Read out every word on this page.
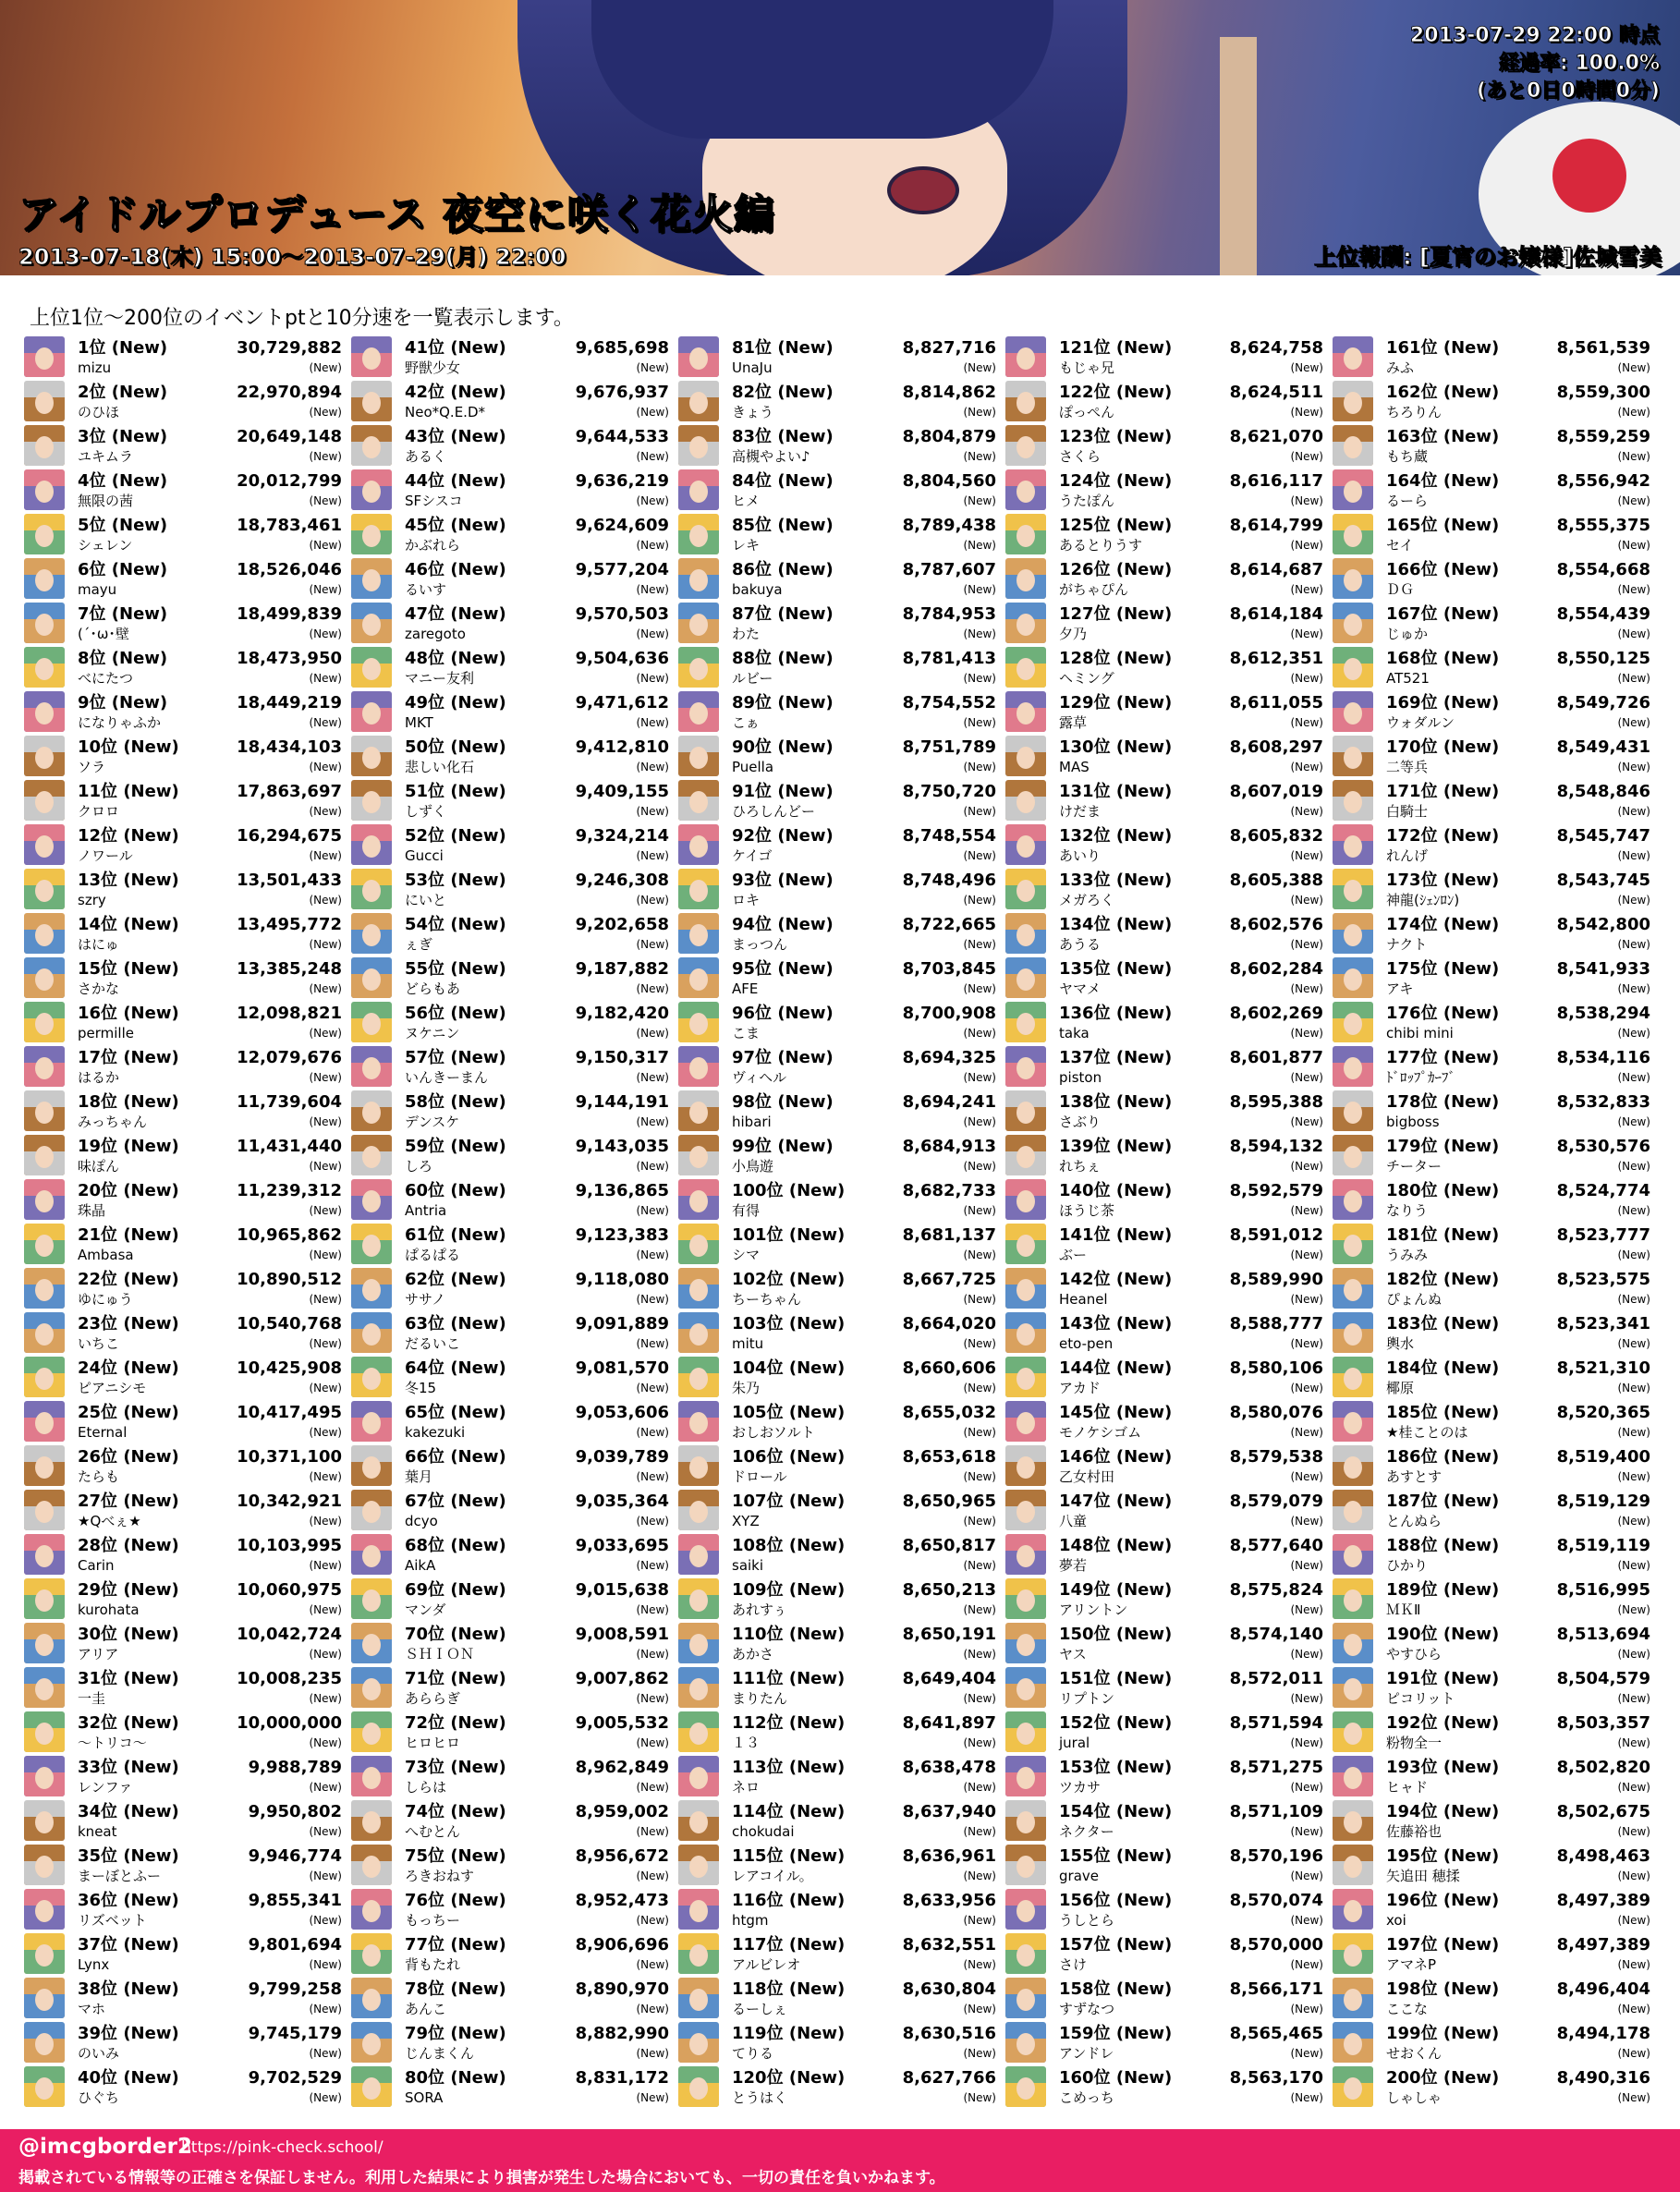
2013-07-29 22:00 時点
経過率: 100.0%
(あと0日0時間0分)
アイドルプロデュース 夜空に咲く花火編
2013-07-18(木) 15:00～2013-07-29(月) 22:00	上位報酬: [夏宵のお嬢様]佐城雪美
上位1位～200位のイベントptと10分速を一覧表示します。
1位 (New)
mizu
30,729,882
(New)
2位 (New)
のひほ
22,970,894
(New)
3位 (New)
ユキムラ
20,649,148
(New)
4位 (New)
無限の茜
20,012,799
(New)
5位 (New)
シェレン
18,783,461
(New)
6位 (New)
mayu
18,526,046
(New)
7位 (New)
(´･ω･壁
18,499,839
(New)
8位 (New)
べにたつ
18,473,950
(New)
9位 (New)
になりゃふか
18,449,219
(New)
10位 (New)
ソラ
18,434,103
(New)
11位 (New)
クロロ
17,863,697
(New)
12位 (New)
ノワール
16,294,675
(New)
13位 (New)
szry
13,501,433
(New)
14位 (New)
はにゅ
13,495,772
(New)
15位 (New)
さかな
13,385,248
(New)
16位 (New)
permille
12,098,821
(New)
17位 (New)
はるか
12,079,676
(New)
18位 (New)
みっちゃん
11,739,604
(New)
19位 (New)
味ぽん
11,431,440
(New)
20位 (New)
珠晶
11,239,312
(New)
21位 (New)
Ambasa
10,965,862
(New)
22位 (New)
ゆにゅう
10,890,512
(New)
23位 (New)
いちこ
10,540,768
(New)
24位 (New)
ピアニシモ
10,425,908
(New)
25位 (New)
Eternal
10,417,495
(New)
26位 (New)
たらも
10,371,100
(New)
27位 (New)
★Qべぇ★
10,342,921
(New)
28位 (New)
Carin
10,103,995
(New)
29位 (New)
kurohata
10,060,975
(New)
30位 (New)
アリア
10,042,724
(New)
31位 (New)
一圭
10,008,235
(New)
32位 (New)
～トリコ～
10,000,000
(New)
33位 (New)
レンファ
9,988,789
(New)
34位 (New)
kneat
9,950,802
(New)
35位 (New)
まーぼとふー
9,946,774
(New)
36位 (New)
リズベット
9,855,341
(New)
37位 (New)
Lynx
9,801,694
(New)
38位 (New)
マホ
9,799,258
(New)
39位 (New)
のいみ
9,745,179
(New)
40位 (New)
ひぐち
9,702,529
(New)
41位 (New)
野獣少女
9,685,698
(New)
42位 (New)
Neo*Q.E.D*
9,676,937
(New)
43位 (New)
あるく
9,644,533
(New)
44位 (New)
SFシスコ
9,636,219
(New)
45位 (New)
かぶれら
9,624,609
(New)
46位 (New)
るいす
9,577,204
(New)
47位 (New)
zaregoto
9,570,503
(New)
48位 (New)
マニー友利
9,504,636
(New)
49位 (New)
MKT
9,471,612
(New)
50位 (New)
悲しい化石
9,412,810
(New)
51位 (New)
しずく
9,409,155
(New)
52位 (New)
Gucci
9,324,214
(New)
53位 (New)
にいと
9,246,308
(New)
54位 (New)
ぇぎ
9,202,658
(New)
55位 (New)
どらもあ
9,187,882
(New)
56位 (New)
ヌケニン
9,182,420
(New)
57位 (New)
いんきーまん
9,150,317
(New)
58位 (New)
デンスケ
9,144,191
(New)
59位 (New)
しろ
9,143,035
(New)
60位 (New)
Antria
9,136,865
(New)
61位 (New)
ぱるぱる
9,123,383
(New)
62位 (New)
ササノ
9,118,080
(New)
63位 (New)
だるいこ
9,091,889
(New)
64位 (New)
冬15
9,081,570
(New)
65位 (New)
kakezuki
9,053,606
(New)
66位 (New)
葉月
9,039,789
(New)
67位 (New)
dcyo
9,035,364
(New)
68位 (New)
AikA
9,033,695
(New)
69位 (New)
マンダ
9,015,638
(New)
70位 (New)
ＳＨＩＯＮ
9,008,591
(New)
71位 (New)
あららぎ
9,007,862
(New)
72位 (New)
ヒロヒロ
9,005,532
(New)
73位 (New)
しらは
8,962,849
(New)
74位 (New)
へむとん
8,959,002
(New)
75位 (New)
ろきおねす
8,956,672
(New)
76位 (New)
もっちー
8,952,473
(New)
77位 (New)
背もたれ
8,906,696
(New)
78位 (New)
あんこ
8,890,970
(New)
79位 (New)
じんまくん
8,882,990
(New)
80位 (New)
SORA
8,831,172
(New)
81位 (New)
UnaJu
8,827,716
(New)
82位 (New)
きょう
8,814,862
(New)
83位 (New)
高槻やよい♪
8,804,879
(New)
84位 (New)
ヒメ
8,804,560
(New)
85位 (New)
レキ
8,789,438
(New)
86位 (New)
bakuya
8,787,607
(New)
87位 (New)
わた
8,784,953
(New)
88位 (New)
ルビー
8,781,413
(New)
89位 (New)
こぁ
8,754,552
(New)
90位 (New)
Puella
8,751,789
(New)
91位 (New)
ひろしんどー
8,750,720
(New)
92位 (New)
ケイゴ
8,748,554
(New)
93位 (New)
ロキ
8,748,496
(New)
94位 (New)
まっつん
8,722,665
(New)
95位 (New)
AFE
8,703,845
(New)
96位 (New)
こま
8,700,908
(New)
97位 (New)
ヴィヘル
8,694,325
(New)
98位 (New)
hibari
8,694,241
(New)
99位 (New)
小鳥遊
8,684,913
(New)
100位 (New)
有得
8,682,733
(New)
101位 (New)
シマ
8,681,137
(New)
102位 (New)
ちーちゃん
8,667,725
(New)
103位 (New)
mitu
8,664,020
(New)
104位 (New)
朱乃
8,660,606
(New)
105位 (New)
おしおソルト
8,655,032
(New)
106位 (New)
ドロール
8,653,618
(New)
107位 (New)
XYZ
8,650,965
(New)
108位 (New)
saiki
8,650,817
(New)
109位 (New)
あれすぅ
8,650,213
(New)
110位 (New)
あかさ
8,650,191
(New)
111位 (New)
まりたん
8,649,404
(New)
112位 (New)
１３
8,641,897
(New)
113位 (New)
ネロ
8,638,478
(New)
114位 (New)
chokudai
8,637,940
(New)
115位 (New)
レアコイル。
8,636,961
(New)
116位 (New)
htgm
8,633,956
(New)
117位 (New)
アルビレオ
8,632,551
(New)
118位 (New)
るーしぇ
8,630,804
(New)
119位 (New)
てりる
8,630,516
(New)
120位 (New)
とうはく
8,627,766
(New)
121位 (New)
もじゃ兄
8,624,758
(New)
122位 (New)
ぽっぺん
8,624,511
(New)
123位 (New)
さくら
8,621,070
(New)
124位 (New)
うたぽん
8,616,117
(New)
125位 (New)
あるとりうす
8,614,799
(New)
126位 (New)
がちゃぴん
8,614,687
(New)
127位 (New)
夕乃
8,614,184
(New)
128位 (New)
ヘミング
8,612,351
(New)
129位 (New)
露草
8,611,055
(New)
130位 (New)
MAS
8,608,297
(New)
131位 (New)
けだま
8,607,019
(New)
132位 (New)
あいり
8,605,832
(New)
133位 (New)
メガろく
8,605,388
(New)
134位 (New)
あうる
8,602,576
(New)
135位 (New)
ヤマメ
8,602,284
(New)
136位 (New)
taka
8,602,269
(New)
137位 (New)
piston
8,601,877
(New)
138位 (New)
さぶり
8,595,388
(New)
139位 (New)
れちぇ
8,594,132
(New)
140位 (New)
ほうじ茶
8,592,579
(New)
141位 (New)
ぶー
8,591,012
(New)
142位 (New)
Heanel
8,589,990
(New)
143位 (New)
eto-pen
8,588,777
(New)
144位 (New)
アカド
8,580,106
(New)
145位 (New)
モノケシゴム
8,580,076
(New)
146位 (New)
乙女村田
8,579,538
(New)
147位 (New)
八童
8,579,079
(New)
148位 (New)
夢若
8,577,640
(New)
149位 (New)
アリントン
8,575,824
(New)
150位 (New)
ヤス
8,574,140
(New)
151位 (New)
リプトン
8,572,011
(New)
152位 (New)
jural
8,571,594
(New)
153位 (New)
ツカサ
8,571,275
(New)
154位 (New)
ネクター
8,571,109
(New)
155位 (New)
grave
8,570,196
(New)
156位 (New)
うしとら
8,570,074
(New)
157位 (New)
さけ
8,570,000
(New)
158位 (New)
すずなつ
8,566,171
(New)
159位 (New)
アンドレ
8,565,465
(New)
160位 (New)
こめっち
8,563,170
(New)
161位 (New)
みふ
8,561,539
(New)
162位 (New)
ちろりん
8,559,300
(New)
163位 (New)
もち蔵
8,559,259
(New)
164位 (New)
るーら
8,556,942
(New)
165位 (New)
セイ
8,555,375
(New)
166位 (New)
ＤＧ
8,554,668
(New)
167位 (New)
じゅか
8,554,439
(New)
168位 (New)
AT521
8,550,125
(New)
169位 (New)
ウォダルン
8,549,726
(New)
170位 (New)
二等兵
8,549,431
(New)
171位 (New)
白騎士
8,548,846
(New)
172位 (New)
れんげ
8,545,747
(New)
173位 (New)
神龍(ｼｪﾝﾛﾝ)
8,543,745
(New)
174位 (New)
ナクト
8,542,800
(New)
175位 (New)
アキ
8,541,933
(New)
176位 (New)
chibi mini
8,538,294
(New)
177位 (New)
ﾄﾞﾛｯﾌﾟｶｰﾌﾞ
8,534,116
(New)
178位 (New)
bigboss
8,532,833
(New)
179位 (New)
チーター
8,530,576
(New)
180位 (New)
なりう
8,524,774
(New)
181位 (New)
うみみ
8,523,777
(New)
182位 (New)
ぴょんぬ
8,523,575
(New)
183位 (New)
輿水
8,523,341
(New)
184位 (New)
椰原
8,521,310
(New)
185位 (New)
★桂ことのは
8,520,365
(New)
186位 (New)
あすとす
8,519,400
(New)
187位 (New)
とんぬら
8,519,129
(New)
188位 (New)
ひかり
8,519,119
(New)
189位 (New)
ＭＫⅡ
8,516,995
(New)
190位 (New)
やすひら
8,513,694
(New)
191位 (New)
ピコリット
8,504,579
(New)
192位 (New)
粉物全一
8,503,357
(New)
193位 (New)
ヒャド
8,502,820
(New)
194位 (New)
佐藤裕也
8,502,675
(New)
195位 (New)
矢追田 穂揉
8,498,463
(New)
196位 (New)
xoi
8,497,389
(New)
197位 (New)
アマネP
8,497,389
(New)
198位 (New)
ここな
8,496,404
(New)
199位 (New)
せおくん
8,494,178
(New)
200位 (New)
しゃしゃ
8,490,316
(New)
@imcgborder2
https://pink-check.school/
掲載されている情報等の正確さを保証しません。利用した結果により損害が発生した場合においても、一切の責任を負いかねます。
